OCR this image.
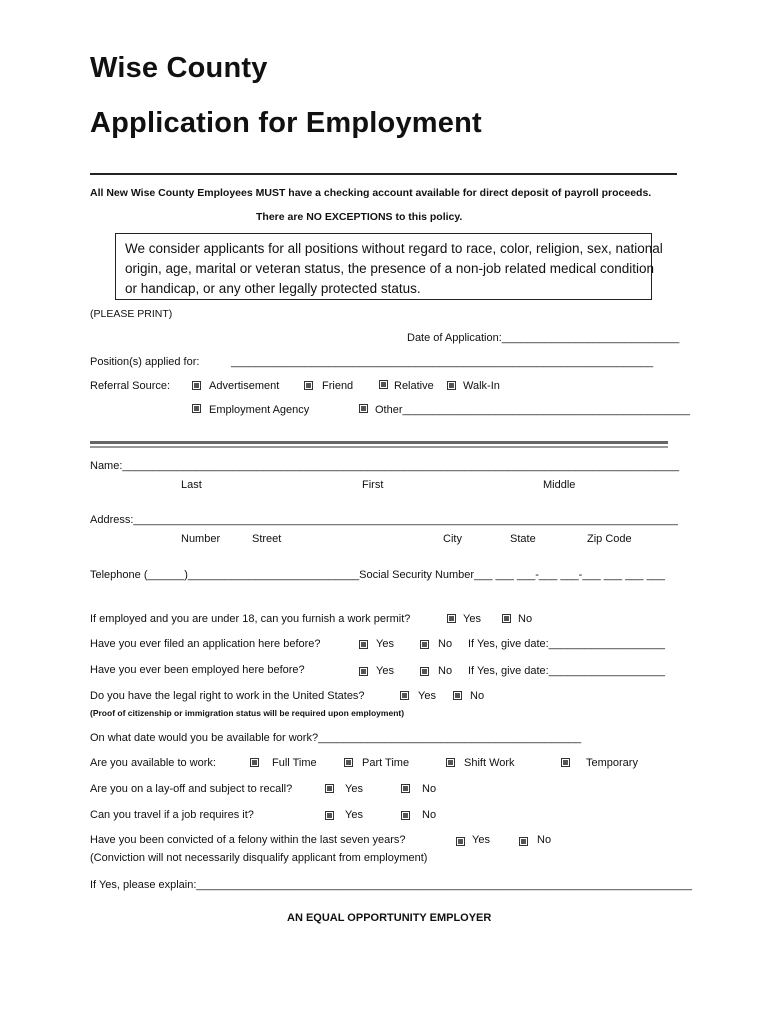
Wise County
Application for Employment
All New Wise County Employees MUST have a checking account available for direct deposit of payroll proceeds.
There are NO EXCEPTIONS to this policy.
We consider applicants for all positions without regard to race, color, religion, sex, national
origin, age, marital or veteran status, the presence of a non-job related medical condition
or handicap, or any other legally protected status.
(PLEASE PRINT)
Date of Application:_____________________________
Position(s) applied for:	_____________________________________________________________________
Referral Source:	Advertisement	Friend	Relative	Walk-In
Employment Agency	Other_______________________________________________
Name:___________________________________________________________________________________________
Last	First	Middle
Address:_________________________________________________________________________________________
Number	Street	City	State	Zip Code
Telephone (______)____________________________Social Security Number___ ___ ___-___ ___-___ ___ ___ ___
If employed and you are under 18, can you furnish a work permit?	Yes	No
Have you ever filed an application here before?	Yes	No If Yes, give date:___________________
Have you ever been employed here before?	Yes	No If Yes, give date:___________________
Do you have the legal right to work in the United States?	Yes	No
(Proof of citizenship or immigration status will be required upon employment)
On what date would you be available for work?___________________________________________
Are you available to work:	Full Time	Part Time	Shift Work	Temporary
Are you on a lay-off and subject to recall?	Yes	No
Can you travel if a job requires it?	Yes	No
Have you been convicted of a felony within the last seven years?	Yes	No
(Conviction will not necessarily disqualify applicant from employment)
If Yes, please explain:_________________________________________________________________________________
AN EQUAL OPPORTUNITY EMPLOYER
